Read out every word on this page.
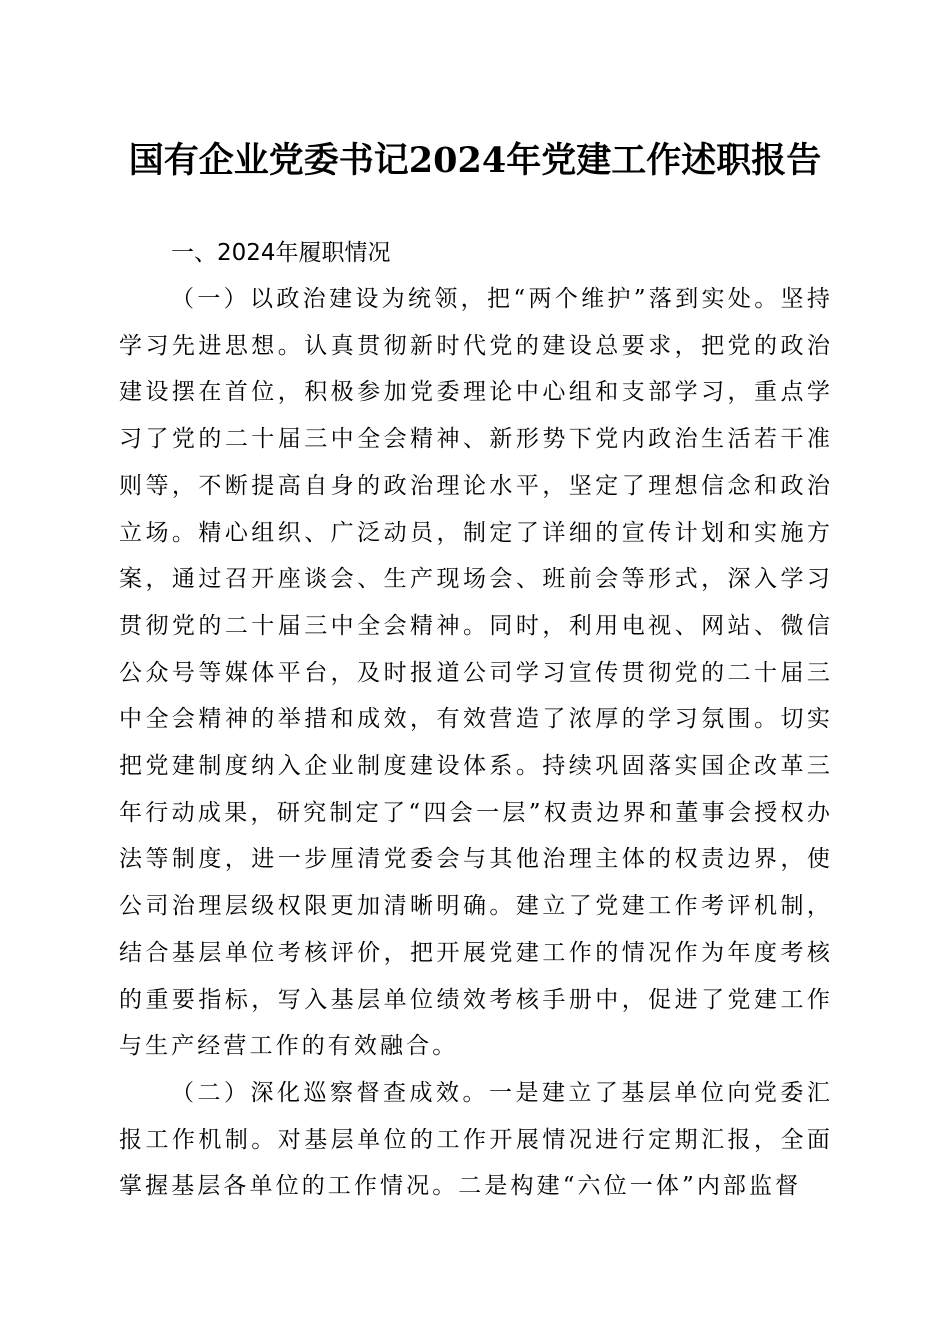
国有企业党委书记2024年党建工作述职报告

一、2024年履职情况

（一）以政治建设为统领，把“两个维护”落到实处。坚持学习先进思想。认真贯彻新时代党的建设总要求，把党的政治建设摆在首位，积极参加党委理论中心组和支部学习，重点学习了党的二十届三中全会精神、新形势下党内政治生活若干准则等，不断提高自身的政治理论水平，坚定了理想信念和政治立场。精心组织、广泛动员，制定了详细的宣传计划和实施方案，通过召开座谈会、生产现场会、班前会等形式，深入学习贯彻党的二十届三中全会精神。同时，利用电视、网站、微信公众号等媒体平台，及时报道公司学习宣传贯彻党的二十届三中全会精神的举措和成效，有效营造了浓厚的学习氛围。切实把党建制度纳入企业制度建设体系。持续巩固落实国企改革三年行动成果，研究制定了“四会一层”权责边界和董事会授权办法等制度，进一步厘清党委会与其他治理主体的权责边界，使公司治理层级权限更加清晰明确。建立了党建工作考评机制，结合基层单位考核评价，把开展党建工作的情况作为年度考核的重要指标，写入基层单位绩效考核手册中，促进了党建工作与生产经营工作的有效融合。

（二）深化巡察督查成效。一是建立了基层单位向党委汇报工作机制。对基层单位的工作开展情况进行定期汇报，全面掌握基层各单位的工作情况。二是构建“六位一体”内部监督
